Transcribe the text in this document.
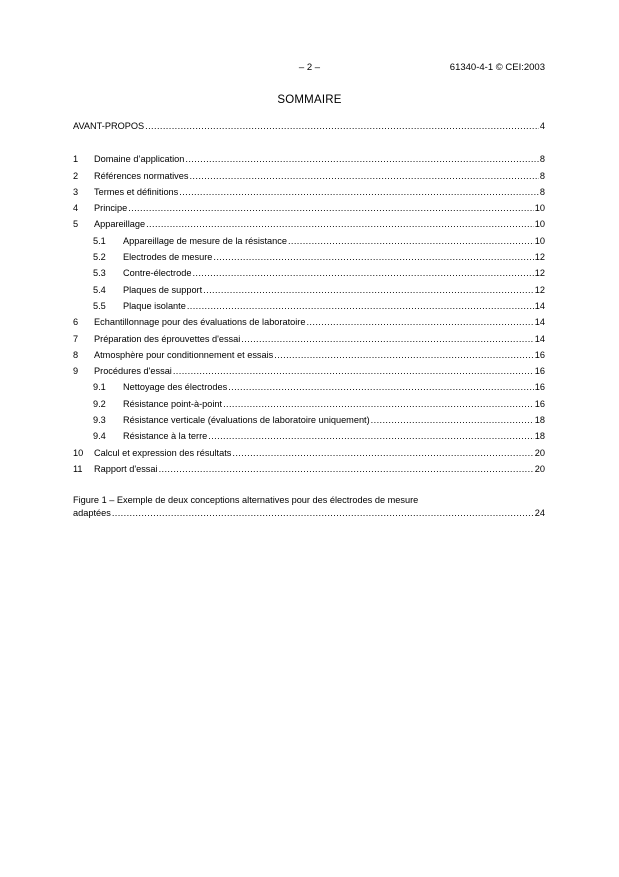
– 2 –	61340-4-1 © CEI:2003
SOMMAIRE
AVANT-PROPOS .....	4
1	Domaine d’application .....	8
2	Références normatives .....	8
3	Termes et définitions .....	8
4	Principe .....	10
5	Appareillage .....	10
5.1	Appareillage de mesure de la résistance .....	10
5.2	Electrodes de mesure .....	12
5.3	Contre-électrode .....	12
5.4	Plaques de support .....	12
5.5	Plaque isolante .....	14
6	Echantillonnage pour des évaluations de laboratoire .....	14
7	Préparation des éprouvettes d'essai .....	14
8	Atmosphère pour conditionnement et essais .....	16
9	Procédures d'essai .....	16
9.1	Nettoyage des électrodes .....	16
9.2	Résistance point-à-point .....	16
9.3	Résistance verticale (évaluations de laboratoire uniquement) .....	18
9.4	Résistance à la terre .....	18
10	Calcul et expression des résultats .....	20
11	Rapport d'essai .....	20
Figure 1 – Exemple de deux conceptions alternatives pour des électrodes de mesure
adaptées .....	24
